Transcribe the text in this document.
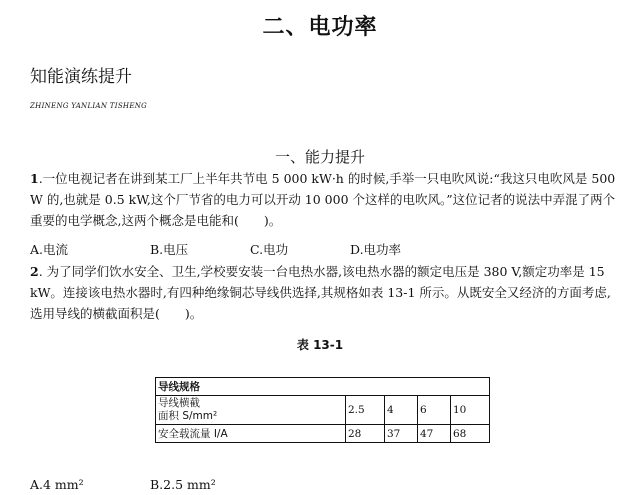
二、电功率
知能演练提升
ZHINENG YANLIAN TISHENG
一、能力提升
1.一位电视记者在讲到某工厂上半年共节电 5 000 kW·h 的时候,手举一只电吹风说:“我这只电吹风是 500 W 的,也就是 0.5 kW,这个厂节省的电力可以开动 10 000 个这样的电吹风。”这位记者的说法中弄混了两个重要的电学概念,这两个概念是电能和(　　)。
A.电流	B.电压	C.电功	D.电功率
2. 为了同学们饮水安全、卫生,学校要安装一台电热水器,该电热水器的额定电压是 380 V,额定功率是 15 kW。连接该电热水器时,有四种绝缘铜芯导线供选择,其规格如表 13-1 所示。从既安全又经济的方面考虑,选用导线的横截面积是(　　)。
表 13-1
导线规格				

导线横截
面积 S/mm²	2.5	4	6	10
安全载流量 I/A	28	37	47	68
A.4 mm²	B.2.5 mm²
